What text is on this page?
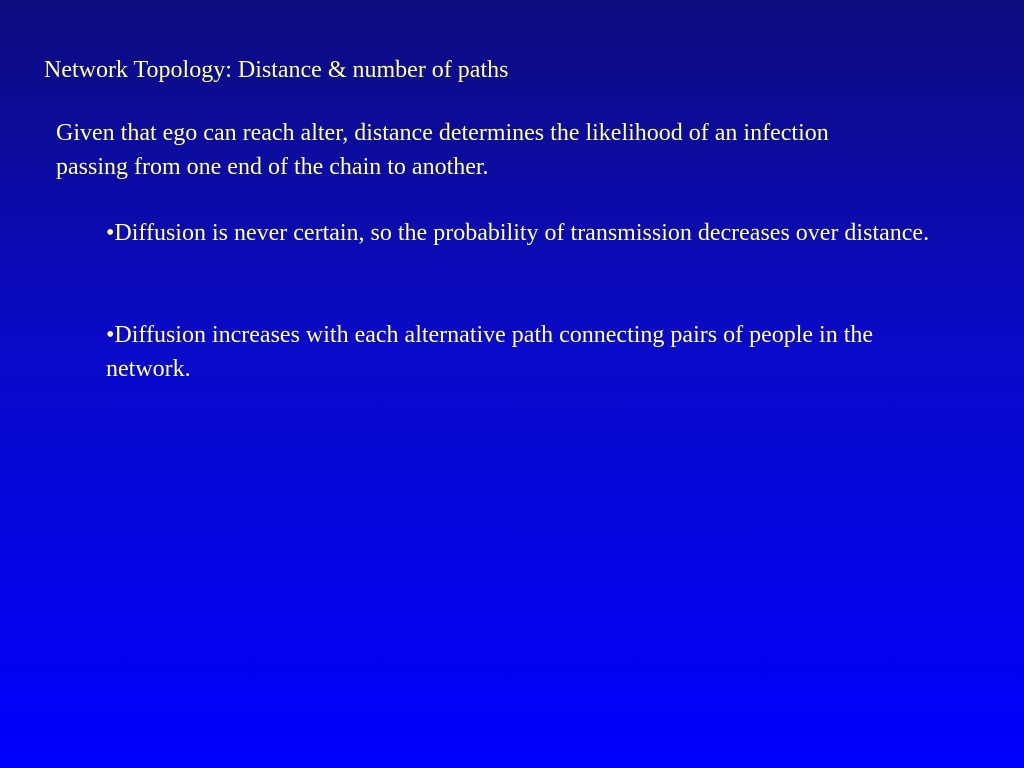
Network Topology: Distance & number of paths
Given that ego can reach alter, distance determines the likelihood of an infection passing from one end of the chain to another.
•Diffusion is never certain, so the probability of transmission decreases over distance.
•Diffusion increases with each alternative path connecting pairs of people in the network.
